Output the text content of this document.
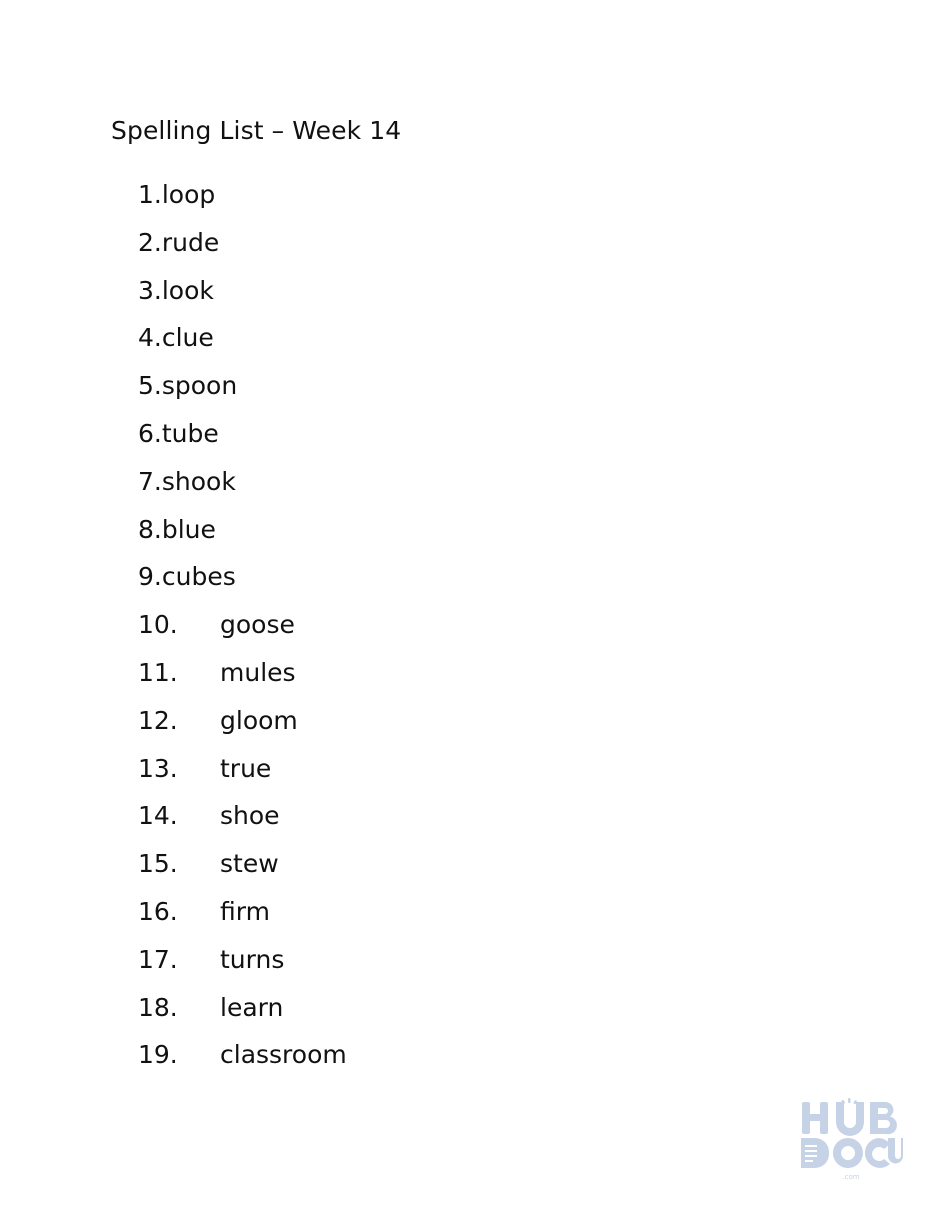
Spelling List – Week 14
1.loop
2.rude
3.look
4.clue
5.spoon
6.tube
7.shook
8.blue
9.cubes
10. goose
11. mules
12. gloom
13. true
14. shoe
15. stew
16. firm
17. turns
18. learn
19. classroom
.com
